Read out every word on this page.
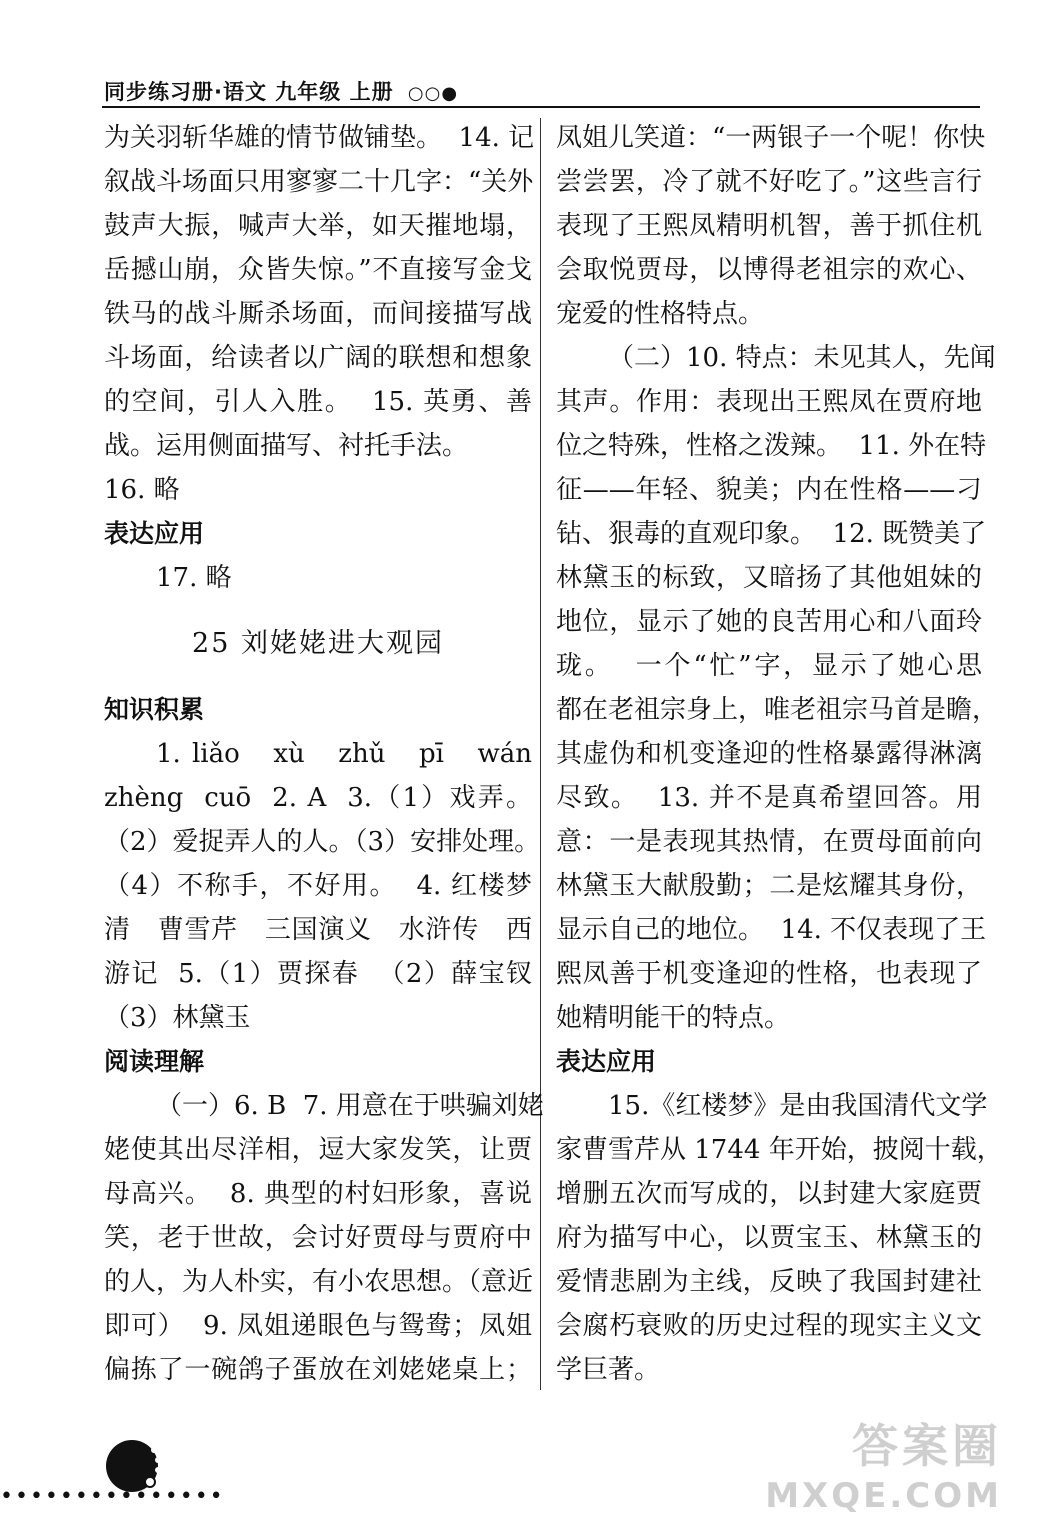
同步练习册·语文 九年级 上册 ○○●
为关羽斩华雄的情节做铺垫。  14. 记
叙战斗场面只用寥寥二十几字：“关外
鼓声大振，喊声大举，如天摧地塌，
岳撼山崩，众皆失惊。”不直接写金戈
铁马的战斗厮杀场面，而间接描写战
斗场面，给读者以广阔的联想和想象
的空间，引人入胜。  15. 英勇、善
战。运用侧面描写、衬托手法。
16. 略
表达应用
17. 略
25 刘姥姥进大观园
知识积累
1. liǎo   xù   zhǔ   pī   wán
zhèng  cuō  2. A  3.（1）戏弄。
（2）爱捉弄人的人。（3）安排处理。
（4）不称手，不好用。  4. 红楼梦
清   曹雪芹   三国演义   水浒传   西
游记  5.（1）贾探春  （2）薛宝钗
（3）林黛玉
阅读理解
（一）6. B  7. 用意在于哄骗刘姥
姥使其出尽洋相，逗大家发笑，让贾
母高兴。  8. 典型的村妇形象，喜说
笑，老于世故，会讨好贾母与贾府中
的人，为人朴实，有小农思想。（意近
即可）  9. 凤姐递眼色与鸳鸯；凤姐
偏拣了一碗鸽子蛋放在刘姥姥桌上；
凤姐儿笑道：“一两银子一个呢！你快
尝尝罢，冷了就不好吃了。”这些言行
表现了王熙凤精明机智，善于抓住机
会取悦贾母，以博得老祖宗的欢心、
宠爱的性格特点。
（二）10. 特点：未见其人，先闻
其声。作用：表现出王熙凤在贾府地
位之特殊，性格之泼辣。  11. 外在特
征——年轻、貌美；内在性格——刁
钻、狠毒的直观印象。  12. 既赞美了
林黛玉的标致，又暗扬了其他姐妹的
地位，显示了她的良苦用心和八面玲
珑。  一个“忙”字，显示了她心思
都在老祖宗身上，唯老祖宗马首是瞻，
其虚伪和机变逢迎的性格暴露得淋漓
尽致。  13. 并不是真希望回答。用
意：一是表现其热情，在贾母面前向
林黛玉大献殷勤；二是炫耀其身份，
显示自己的地位。  14. 不仅表现了王
熙凤善于机变逢迎的性格，也表现了
她精明能干的特点。
表达应用
15.《红楼梦》是由我国清代文学
家曹雪芹从 1744 年开始，披阅十载，
增删五次而写成的，以封建大家庭贾
府为描写中心，以贾宝玉、林黛玉的
爱情悲剧为主线，反映了我国封建社
会腐朽衰败的历史过程的现实主义文
学巨著。
•••••••••••••••
答案圈
MXQE.COM
